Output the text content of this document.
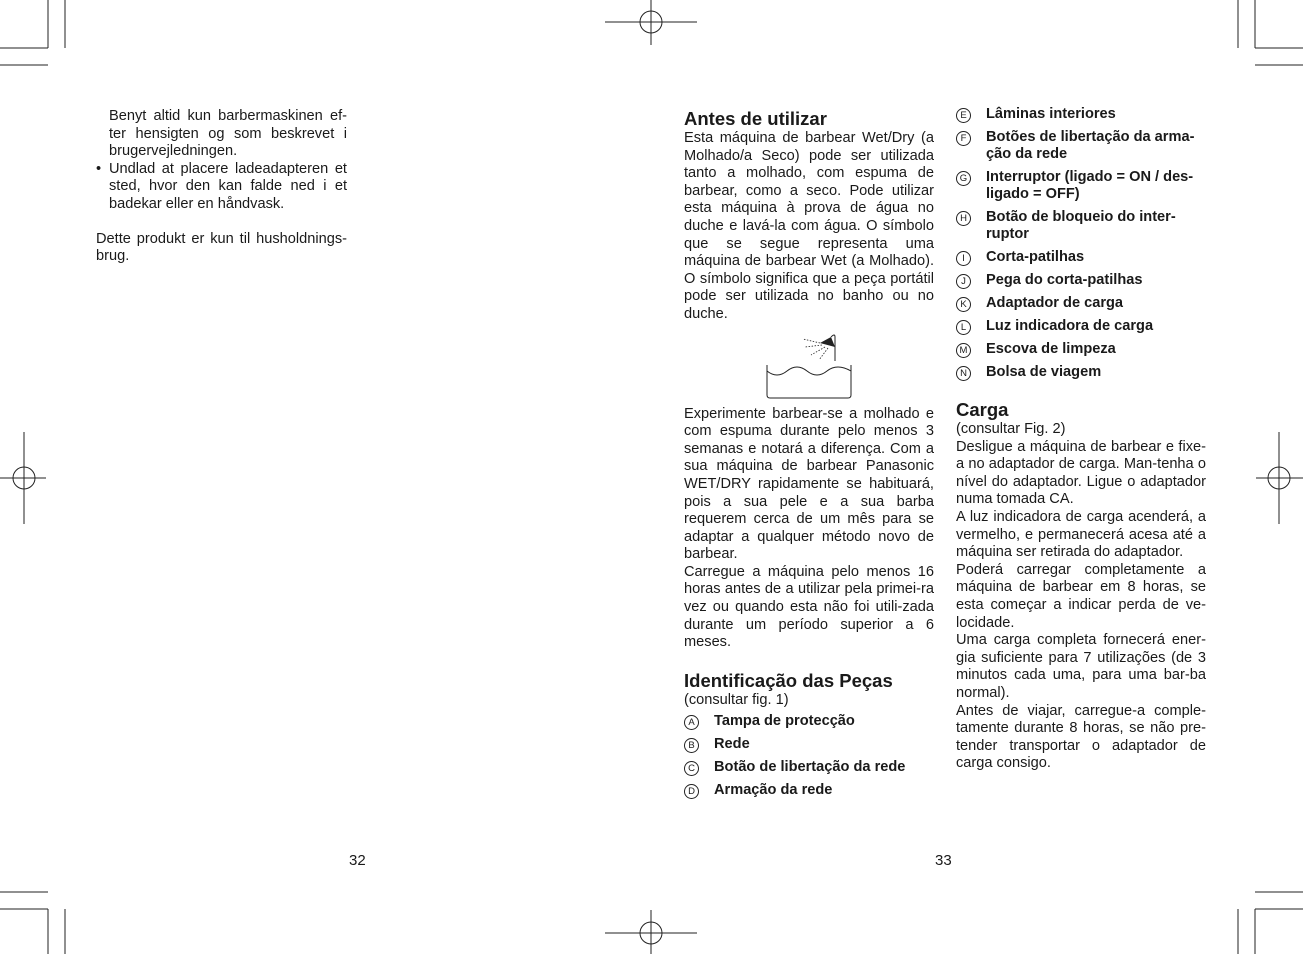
Benyt altid kun barbermaskinen ef-ter hensigten og som beskrevet i brugervejledningen.

• Undlad at placere ladeadapteren et sted, hvor den kan falde ned i et badekar eller en håndvask.

Dette produkt er kun til husholdnings-brug.

Antes de utilizar

Esta máquina de barbear Wet/Dry (a Molhado/a Seco) pode ser utilizada tanto a molhado, com espuma de barbear, como a seco. Pode utilizar esta máquina à prova de água no duche e lavá-la com água. O símbolo que se segue representa uma máquina de barbear Wet (a Molhado). O símbolo significa que a peça portátil pode ser utilizada no banho ou no duche.

Experimente barbear-se a molhado e com espuma durante pelo menos 3 semanas e notará a diferença. Com a sua máquina de barbear Panasonic WET/DRY rapidamente se habituará, pois a sua pele e a sua barba requerem cerca de um mês para se adaptar a qualquer método novo de barbear.

Carregue a máquina pelo menos 16 horas antes de a utilizar pela primei-ra vez ou quando esta não foi utili-zada durante um período superior a 6 meses.

Identificação das Peças

(consultar fig. 1)

A Tampa de protecção
B Rede
C Botão de libertação da rede
D Armação da rede
E Lâminas interiores
F	Botões de libertação da arma-ção da rede
G Interruptor (ligado = ON / des-ligado = OFF)
H Botão de bloqueio do inter-ruptor
I	Corta-patilhas
J	Pega do corta-patilhas
K Adaptador de carga
L	Luz indicadora de carga
M Escova de limpeza
N Bolsa de viagem
Carga

(consultar Fig. 2)

Desligue a máquina de barbear e fixe-a no adaptador de carga. Man-tenha o nível do adaptador. Ligue o adaptador numa tomada CA.

A luz indicadora de carga acenderá, a vermelho, e permanecerá acesa até a máquina ser retirada do adaptador.

Poderá carregar completamente a máquina de barbear em 8 horas, se esta começar a indicar perda de ve-locidade.

Uma carga completa fornecerá ener-gia suficiente para 7 utilizações (de 3 minutos cada uma, para uma bar-ba normal).

Antes de viajar, carregue-a comple-tamente durante 8 horas, se não pre-tender transportar o adaptador de carga consigo.

32	33
